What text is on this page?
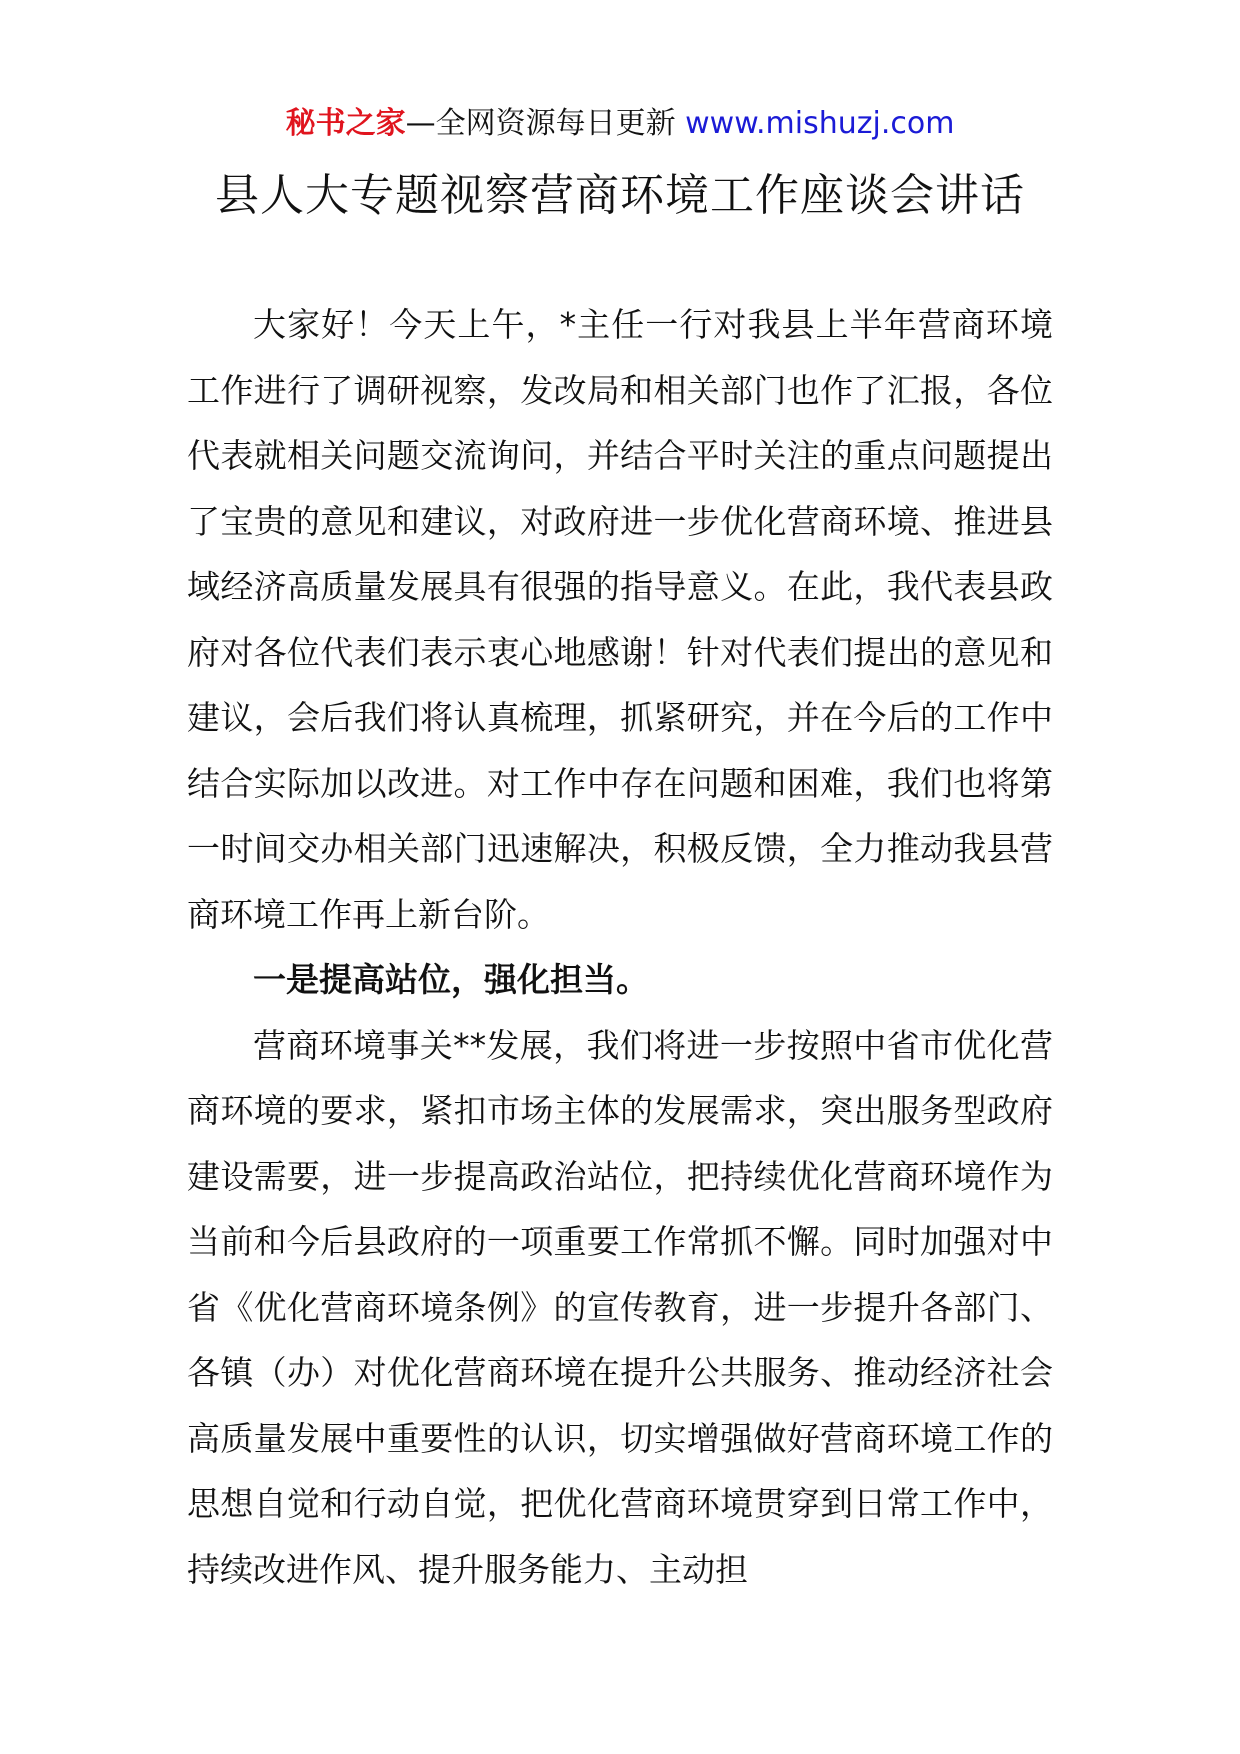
秘书之家—全网资源每日更新 www.mishuzj.com
县人大专题视察营商环境工作座谈会讲话

大家好！今天上午，*主任一行对我县上半年营商环境工作进行了调研视察，发改局和相关部门也作了汇报，各位代表就相关问题交流询问，并结合平时关注的重点问题提出了宝贵的意见和建议，对政府进一步优化营商环境、推进县域经济高质量发展具有很强的指导意义。在此，我代表县政府对各位代表们表示衷心地感谢！针对代表们提出的意见和建议，会后我们将认真梳理，抓紧研究，并在今后的工作中结合实际加以改进。对工作中存在问题和困难，我们也将第一时间交办相关部门迅速解决，积极反馈，全力推动我县营商环境工作再上新台阶。

一是提高站位，强化担当。

营商环境事关**发展，我们将进一步按照中省市优化营商环境的要求，紧扣市场主体的发展需求，突出服务型政府建设需要，进一步提高政治站位，把持续优化营商环境作为当前和今后县政府的一项重要工作常抓不懈。同时加强对中省《优化营商环境条例》的宣传教育，进一步提升各部门、各镇（办）对优化营商环境在提升公共服务、推动经济社会高质量发展中重要性的认识，切实增强做好营商环境工作的思想自觉和行动自觉，把优化营商环境贯穿到日常工作中，持续改进作风、提升服务能力、主动担
